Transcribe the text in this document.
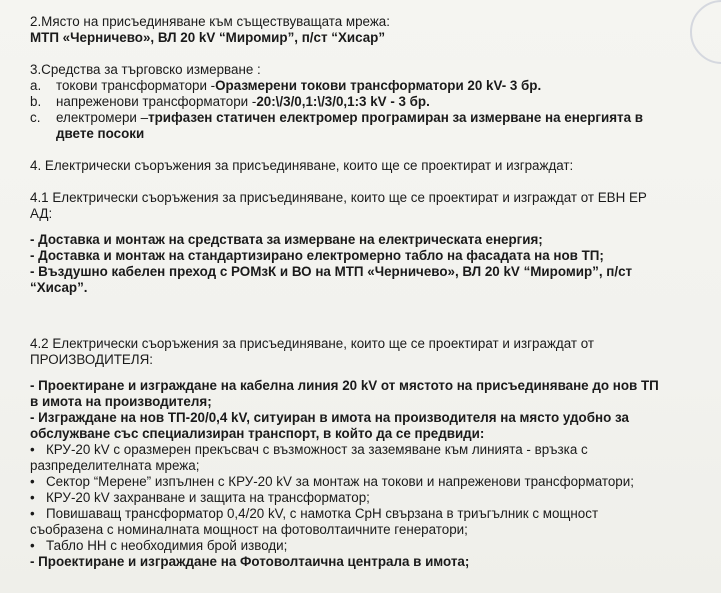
2.Място на присъединяване към съществуващата мрежа:
МТП «Черничево», ВЛ 20 kV “Миромир”, п/ст “Хисар”
3.Средства за търговско измерване :
a.	токови трансформатори - Оразмерени токови трансформатори 20 kV- 3 бр.
b.	напреженови трансформатори - 20:\/3/0,1:\/3/0,1:3 kV - 3 бр.
c.	електромери – трифазен статичен електромер програмиран за измерване на енергията в
двете посоки
4. Електрически съоръжения за присъединяване, които ще се проектират и изграждат:
4.1 Електрически съоръжения за присъединяване, които ще се проектират и изграждат от ЕВН ЕР
АД:
- Доставка и монтаж на средствата за измерване на електрическата енергия;
- Доставка и монтаж на стандартизирано електромерно табло на фасадата на нов ТП;
- Въздушно кабелен преход с РОМзК и ВО на МТП «Черничево», ВЛ 20 kV “Миромир”, п/ст
“Хисар”.
4.2 Електрически съоръжения за присъединяване, които ще се проектират и изграждат от
ПРОИЗВОДИТЕЛЯ:
- Проектиране и изграждане на кабелна линия 20 kV от мястото на присъединяване до нов ТП
в имота на производителя;
- Изграждане на нов ТП-20/0,4 kV, ситуиран в имота на производителя на място удобно за
обслужване със специализиран транспорт, в който да се предвиди:
• КРУ-20 kV с оразмерен прекъсвач с възможност за заземяване към линията - връзка с
разпределителната мрежа;
• Сектор “Мерене” изпълнен с КРУ-20 kV за монтаж на токови и напреженови трансформатори;
• КРУ-20 kV захранване и защита на трансформатор;
• Повишаващ трансформатор 0,4/20 kV, с намотка СрН свързана в триъгълник с мощност
съобразена с номиналната мощност на фотоволтаичните генератори;
• Табло НН с необходимия брой изводи;
- Проектиране и изграждане на Фотоволтаична централа в имота;
